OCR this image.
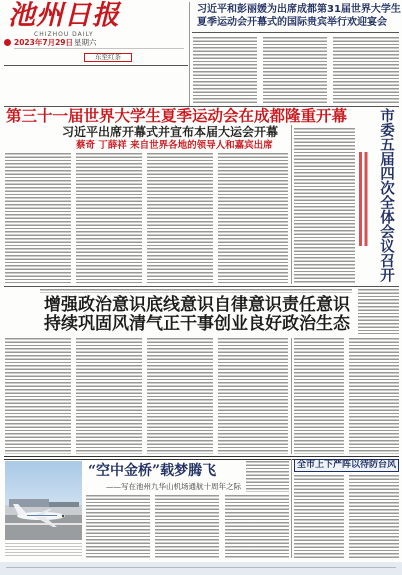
池州日报
CHIZHOU DAILY
2023年7月29日 星期六
东至红茶
习近平和彭丽媛为出席成都第31届世界大学生
夏季运动会开幕式的国际贵宾举行欢迎宴会
第三十一届世界大学生夏季运动会在成都隆重开幕
习近平出席开幕式并宣布本届大运会开幕
蔡奇 丁薛祥 来自世界各地的领导人和嘉宾出席	市委五届四次全体会议召开
增强政治意识底线意识自律意识责任意识
持续巩固风清气正干事创业良好政治生态
“空中金桥”载梦腾飞
——写在池州九华山机场通航十周年之际
全市上下严阵以待防台风
